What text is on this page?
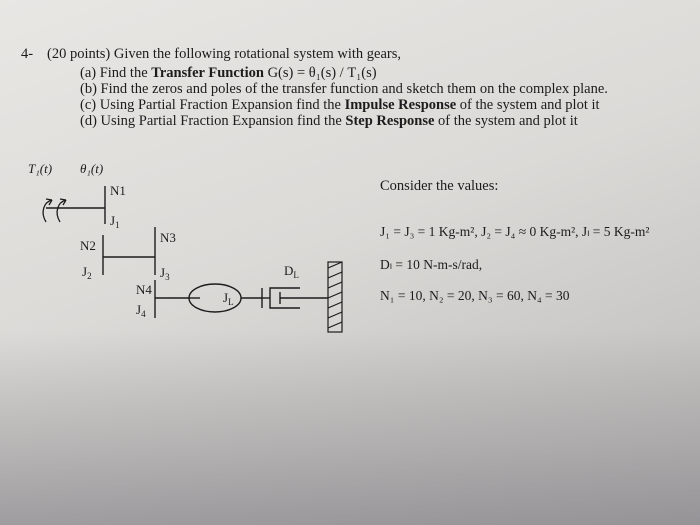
4- (20 points) Given the following rotational system with gears,
(a) Find the Transfer Function G(s) = θ₁(s) / T₁(s)
(b) Find the zeros and poles of the transfer function and sketch them on the complex plane.
(c) Using Partial Fraction Expansion find the Impulse Response of the system and plot it
(d) Using Partial Fraction Expansion find the Step Response of the system and plot it
Consider the values:
J₁ = J₃ = 1 Kg-m², J₂ = J₄ ≈ 0 Kg-m², Jₗ = 5 Kg-m²
Dₗ = 10 N-m-s/rad,
N₁ = 10, N₂ = 20, N₃ = 60, N₄ = 30
T₁(t) θ₁(t)
N1
$J_1$
N2
$J_2$
N3
$J_3$
N4
$J_L$
$J_4$
$D_L$
